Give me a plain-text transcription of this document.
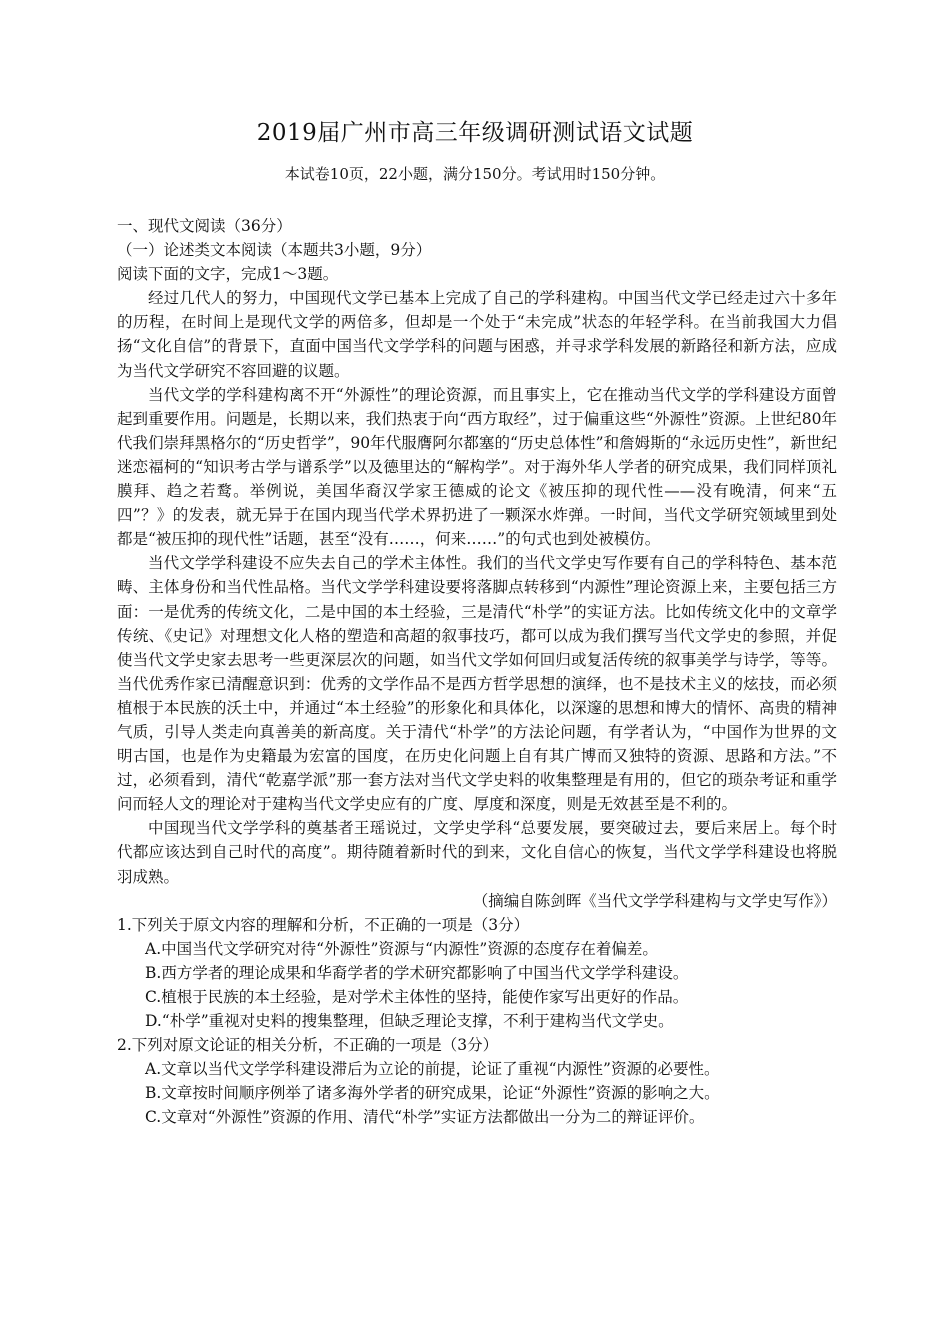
2019届广州市高三年级调研测试语文试题
本试卷10页，22小题，满分150分。考试用时150分钟。

一、现代文阅读（36分）

（一）论述类文本阅读（本题共3小题，9分）

阅读下面的文字，完成1～3题。

经过几代人的努力，中国现代文学已基本上完成了自己的学科建构。中国当代文学已经走过六十多年的历程，在时间上是现代文学的两倍多，但却是一个处于“未完成”状态的年轻学科。在当前我国大力倡扬“文化自信”的背景下，直面中国当代文学学科的问题与困惑，并寻求学科发展的新路径和新方法，应成为当代文学研究不容回避的议题。

当代文学的学科建构离不开“外源性”的理论资源，而且事实上，它在推动当代文学的学科建设方面曾起到重要作用。问题是，长期以来，我们热衷于向“西方取经”，过于偏重这些“外源性”资源。上世纪80年代我们崇拜黑格尔的“历史哲学”，90年代服膺阿尔都塞的“历史总体性”和詹姆斯的“永远历史性”，新世纪迷恋福柯的“知识考古学与谱系学”以及德里达的“解构学”。对于海外华人学者的研究成果，我们同样顶礼膜拜、趋之若鹜。举例说，美国华裔汉学家王德威的论文《被压抑的现代性——没有晚清，何来“五四”？》的发表，就无异于在国内现当代学术界扔进了一颗深水炸弹。一时间，当代文学研究领域里到处都是“被压抑的现代性”话题，甚至“没有……，何来……”的句式也到处被模仿。

当代文学学科建设不应失去自己的学术主体性。我们的当代文学史写作要有自己的学科特色、基本范畴、主体身份和当代性品格。当代文学学科建设要将落脚点转移到“内源性”理论资源上来，主要包括三方面：一是优秀的传统文化，二是中国的本土经验，三是清代“朴学”的实证方法。比如传统文化中的文章学传统、《史记》对理想文化人格的塑造和高超的叙事技巧，都可以成为我们撰写当代文学史的参照，并促使当代文学史家去思考一些更深层次的问题，如当代文学如何回归或复活传统的叙事美学与诗学，等等。当代优秀作家已清醒意识到：优秀的文学作品不是西方哲学思想的演绎，也不是技术主义的炫技，而必须植根于本民族的沃土中，并通过“本土经验”的形象化和具体化，以深邃的思想和博大的情怀、高贵的精神气质，引导人类走向真善美的新高度。关于清代“朴学”的方法论问题，有学者认为，“中国作为世界的文明古国，也是作为史籍最为宏富的国度，在历史化问题上自有其广博而又独特的资源、思路和方法。”不过，必须看到，清代“乾嘉学派”那一套方法对当代文学史料的收集整理是有用的，但它的琐杂考证和重学问而轻人文的理论对于建构当代文学史应有的广度、厚度和深度，则是无效甚至是不利的。

中国现当代文学学科的奠基者王瑶说过，文学史学科“总要发展，要突破过去，要后来居上。每个时代都应该达到自己时代的高度”。期待随着新时代的到来，文化自信心的恢复，当代文学学科建设也将脱羽成熟。

（摘编自陈剑晖《当代文学学科建构与文学史写作》）

1.下列关于原文内容的理解和分析，不正确的一项是（3分）

A.中国当代文学研究对待“外源性”资源与“内源性”资源的态度存在着偏差。

B.西方学者的理论成果和华裔学者的学术研究都影响了中国当代文学学科建设。

C.植根于民族的本土经验，是对学术主体性的坚持，能使作家写出更好的作品。

D.“朴学”重视对史料的搜集整理，但缺乏理论支撑，不利于建构当代文学史。

2.下列对原文论证的相关分析，不正确的一项是（3分）

A.文章以当代文学学科建设滞后为立论的前提，论证了重视“内源性”资源的必要性。

B.文章按时间顺序例举了诸多海外学者的研究成果，论证“外源性”资源的影响之大。

C.文章对“外源性”资源的作用、清代“朴学”实证方法都做出一分为二的辩证评价。
